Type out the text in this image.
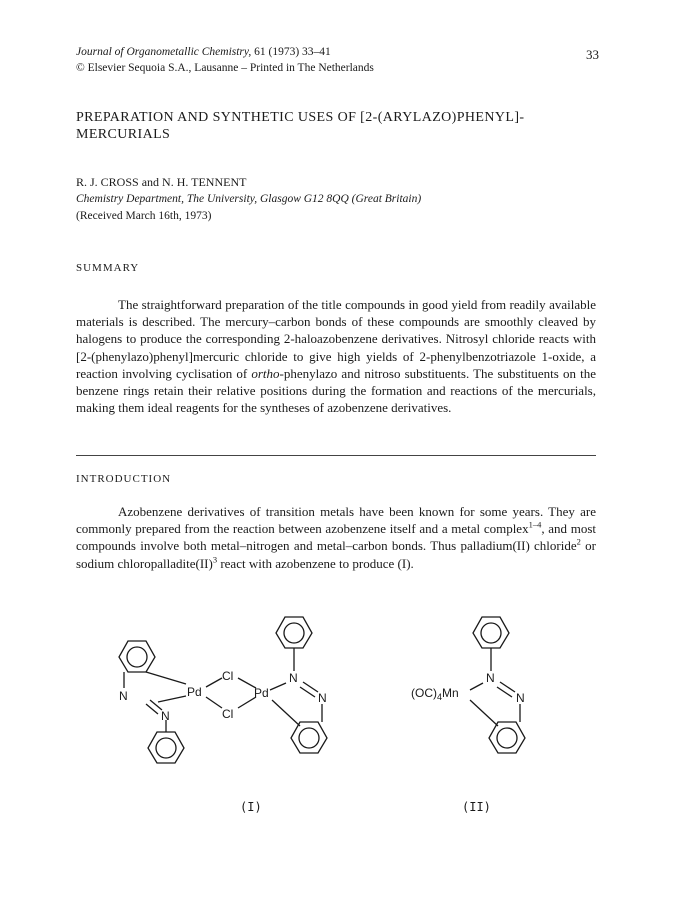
Journal of Organometallic Chemistry, 61 (1973) 33–41
© Elsevier Sequoia S.A., Lausanne – Printed in The Netherlands
33
PREPARATION AND SYNTHETIC USES OF [2-(ARYLAZO)PHENYL]-
MERCURIALS
R. J. CROSS and N. H. TENNENT
Chemistry Department, The University, Glasgow G12 8QQ (Great Britain)
(Received March 16th, 1973)
SUMMARY

The straightforward preparation of the title compounds in good yield from readily available materials is described. The mercury–carbon bonds of these compounds are smoothly cleaved by halogens to produce the corresponding 2-haloazobenzene derivatives. Nitrosyl chloride reacts with [2-(phenylazo)phenyl]mercuric chloride to give high yields of 2-phenylbenzotriazole 1-oxide, a reaction involving cyclisation of ortho-phenylazo and nitroso substituents. The substituents on the benzene rings retain their relative positions during the formation and reactions of the mercurials, making them ideal reagents for the syntheses of azobenzene derivatives.

INTRODUCTION

Azobenzene derivatives of transition metals have been known for some years. They are commonly prepared from the reaction between azobenzene itself and a metal complex$^{1-4}$, and most compounds involve both metal–nitrogen and metal–carbon bonds. Thus palladium(II) chloride$^2$ or sodium chloropalladite(II)$^3$ react with azobenzene to produce (I).

N
N
Pd
Cl
Cl
Pd
N
N	$(OC)_4Mn$
N
N
(I)	(II)
